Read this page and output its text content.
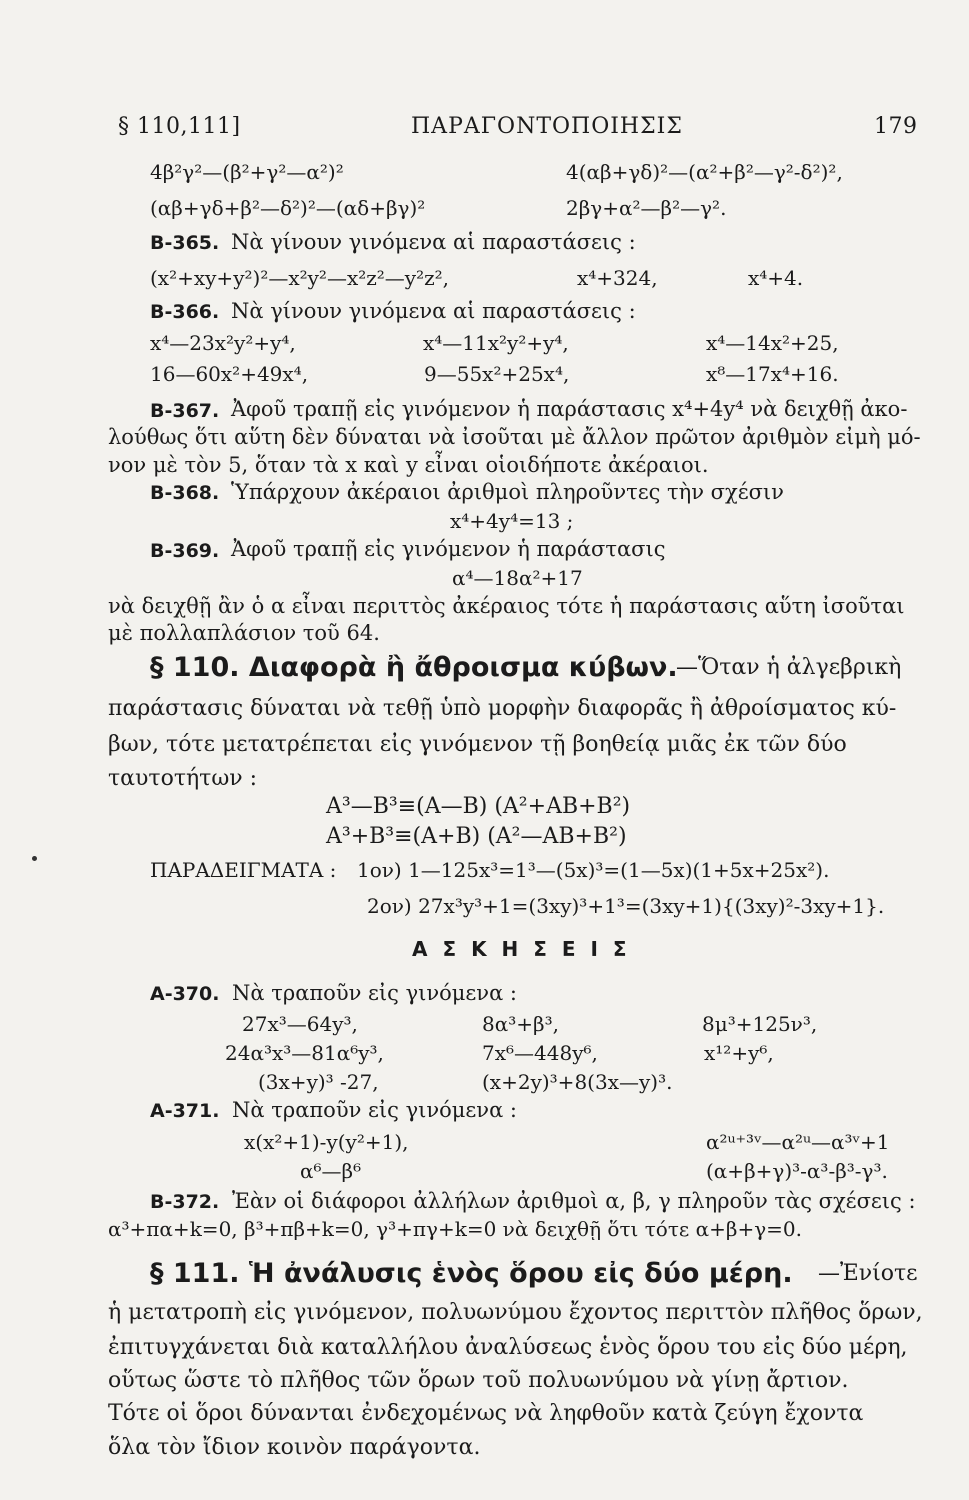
§ 110,111]	ΠΑΡΑΓΟΝΤΟΠΟΙΗΣΙΣ	179
4β²γ²—(β²+γ²—α²)²	4(αβ+γδ)²—(α²+β²—γ²-δ²)²,
(αβ+γδ+β²—δ²)²—(αδ+βγ)²	2βγ+α²—β²—γ².
B-365. Νὰ γίνουν γινόμενα αἱ παραστάσεις :
(x²+xy+y²)²—x²y²—x²z²—y²z²,	x⁴+324,	x⁴+4.
B-366. Νὰ γίνουν γινόμενα αἱ παραστάσεις :
x⁴—23x²y²+y⁴,	x⁴—11x²y²+y⁴,	x⁴—14x²+25,
16—60x²+49x⁴,	9—55x²+25x⁴,	x⁸—17x⁴+16.
B-367. Ἀφοῦ τραπῇ εἰς γινόμενον ἡ παράστασις x⁴+4y⁴ νὰ δειχθῇ ἀκο-
λούθως ὅτι αὕτη δὲν δύναται νὰ ἰσοῦται μὲ ἄλλον πρῶτον ἀριθμὸν εἰμὴ μό-
νον μὲ τὸν 5, ὅταν τὰ x καὶ y εἶναι οἱοιδήποτε ἀκέραιοι.
B-368. Ὑπάρχουν ἀκέραιοι ἀριθμοὶ πληροῦντες τὴν σχέσιν
x⁴+4y⁴=13 ;
B-369. Ἀφοῦ τραπῇ εἰς γινόμενον ἡ παράστασις
α⁴—18α²+17
νὰ δειχθῇ ἂν ὁ α εἶναι περιττὸς ἀκέραιος τότε ἡ παράστασις αὕτη ἰσοῦται
μὲ πολλαπλάσιον τοῦ 64.
§ 110. Διαφορὰ ἢ ἄθροισμα κύβων.
—Ὅταν ἡ ἀλγεβρικὴ
παράστασις δύναται νὰ τεθῇ ὑπὸ μορφὴν διαφορᾶς ἢ ἀθροίσματος κύ-
βων, τότε μετατρέπεται εἰς γινόμενον τῇ βοηθείᾳ μιᾶς ἐκ τῶν δύο
ταυτοτήτων :
A³—B³≡(A—B) (A²+AB+B²)
A³+B³≡(A+B) (A²—AB+B²)
ΠΑΡΑΔΕΙΓΜΑΤΑ : 1ον) 1—125x³=1³—(5x)³=(1—5x)(1+5x+25x²).
2ον) 27x³y³+1=(3xy)³+1³=(3xy+1){(3xy)²-3xy+1}.
Α Σ Κ Η Σ Ε Ι Σ
A-370. Νὰ τραποῦν εἰς γινόμενα :
27x³—64y³,	8α³+β³,	8μ³+125ν³,
24α³x³—81α⁶y³,	7x⁶—448y⁶,	x¹²+y⁶,
(3x+y)³ -27,	(x+2y)³+8(3x—y)³.
A-371. Νὰ τραποῦν εἰς γινόμενα :
x(x²+1)-y(y²+1),	α²ᵘ⁺³ᵛ—α²ᵘ—α³ᵛ+1
α⁶—β⁶	(α+β+γ)³-α³-β³-γ³.
B-372. Ἐὰν οἱ διάφοροι ἀλλήλων ἀριθμοὶ α, β, γ πληροῦν τὰς σχέσεις :
α³+πα+k=0, β³+πβ+k=0, γ³+πγ+k=0 νὰ δειχθῇ ὅτι τότε α+β+γ=0.
§ 111. Ἡ ἀνάλυσις ἑνὸς ὅρου εἰς δύο μέρη. —Ἐνίοτε
ἡ μετατροπὴ εἰς γινόμενον, πολυωνύμου ἔχοντος περιττὸν πλῆθος ὅρων,
ἐπιτυγχάνεται διὰ καταλλήλου ἀναλύσεως ἑνὸς ὅρου του εἰς δύο μέρη,
οὕτως ὥστε τὸ πλῆθος τῶν ὅρων τοῦ πολυωνύμου νὰ γίνῃ ἄρτιον.
Τότε οἱ ὅροι δύνανται ἐνδεχομένως νὰ ληφθοῦν κατὰ ζεύγη ἔχοντα
ὅλα τὸν ἴδιον κοινὸν παράγοντα.
